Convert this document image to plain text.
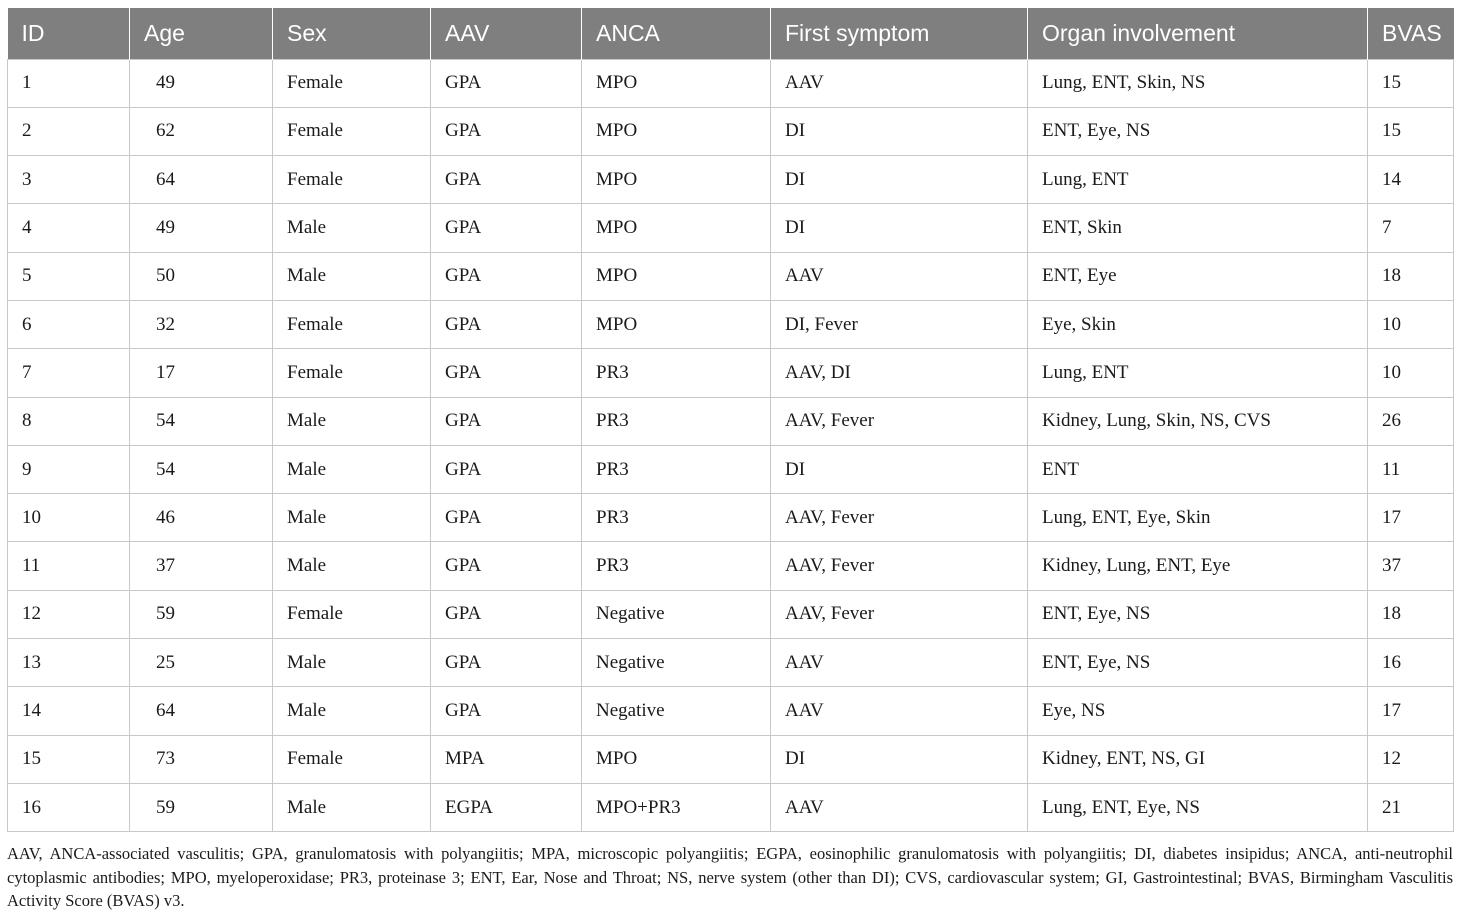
ID	Age	Sex	AAV	ANCA	First symptom	Organ involvement	BVAS
1	49	Female	GPA	MPO	AAV	Lung, ENT, Skin, NS	15
2	62	Female	GPA	MPO	DI	ENT, Eye, NS	15
3	64	Female	GPA	MPO	DI	Lung, ENT	14
4	49	Male	GPA	MPO	DI	ENT, Skin	7
5	50	Male	GPA	MPO	AAV	ENT, Eye	18
6	32	Female	GPA	MPO	DI, Fever	Eye, Skin	10
7	17	Female	GPA	PR3	AAV, DI	Lung, ENT	10
8	54	Male	GPA	PR3	AAV, Fever	Kidney, Lung, Skin, NS, CVS	26
9	54	Male	GPA	PR3	DI	ENT	11
10	46	Male	GPA	PR3	AAV, Fever	Lung, ENT, Eye, Skin	17
11	37	Male	GPA	PR3	AAV, Fever	Kidney, Lung, ENT, Eye	37
12	59	Female	GPA	Negative	AAV, Fever	ENT, Eye, NS	18
13	25	Male	GPA	Negative	AAV	ENT, Eye, NS	16
14	64	Male	GPA	Negative	AAV	Eye, NS	17
15	73	Female	MPA	MPO	DI	Kidney, ENT, NS, GI	12
16	59	Male	EGPA	MPO+PR3	AAV	Lung, ENT, Eye, NS	21
AAV, ANCA-associated vasculitis; GPA, granulomatosis with polyangiitis; MPA, microscopic polyangiitis; EGPA, eosinophilic granulomatosis with polyangiitis; DI, diabetes insipidus; ANCA, anti-neutrophil cytoplasmic antibodies; MPO, myeloperoxidase; PR3, proteinase 3; ENT, Ear, Nose and Throat; NS, nerve system (other than DI); CVS, cardiovascular system; GI, Gastrointestinal; BVAS, Birmingham Vasculitis Activity Score (BVAS) v3.
